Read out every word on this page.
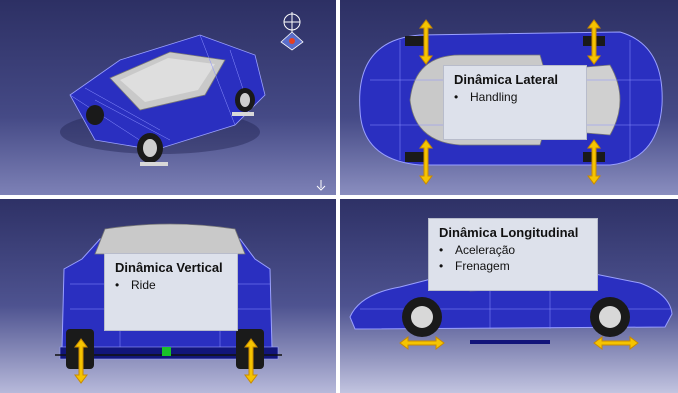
Dinâmica Lateral
• Handling
Dinâmica Vertical
• Ride
Dinâmica Longitudinal
• Aceleração
• Frenagem
